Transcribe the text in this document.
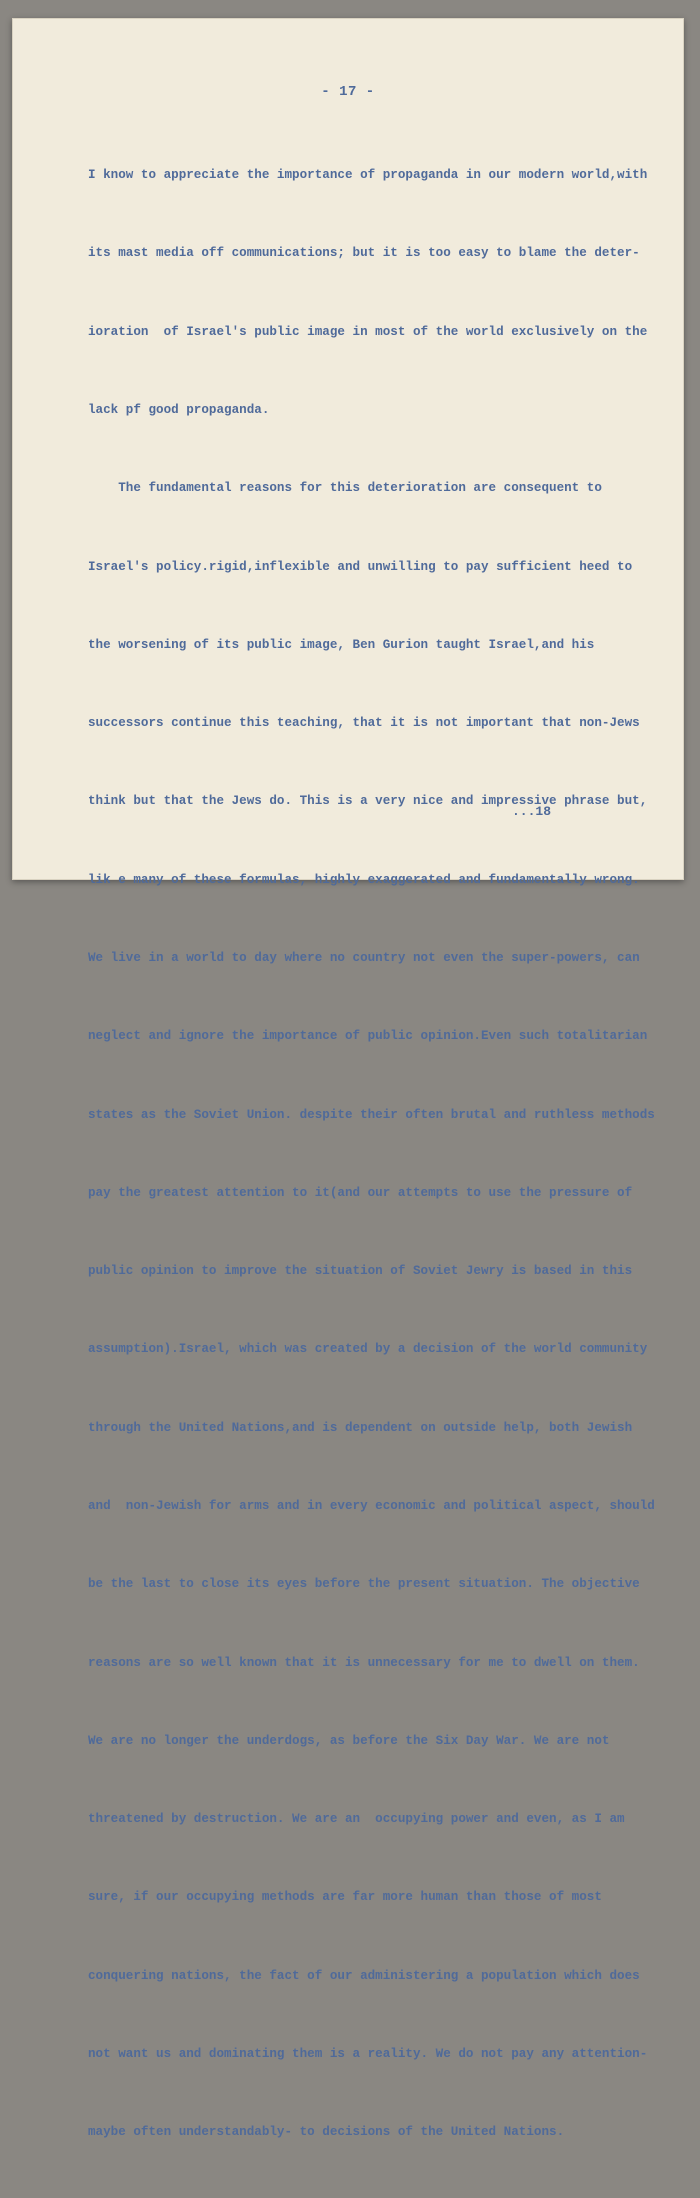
- 17 -

I know to appreciate the importance of propaganda in our modern world,with

its mast media off communications; but it is too easy to blame the deter-

ioration  of Israel's public image in most of the world exclusively on the

lack pf good propaganda.

The fundamental reasons for this deterioration are consequent to

Israel's policy.rigid,inflexible and unwilling to pay sufficient heed to

the worsening of its public image, Ben Gurion taught Israel,and his

successors continue this teaching, that it is not important that non-Jews

think but that the Jews do. This is a very nice and impressive phrase but,

lik e many of these formulas, highly exaggerated and fundamentally wrong.

We live in a world to day where no country not even the super-powers, can

neglect and ignore the importance of public opinion.Even such totalitarian

states as the Soviet Union. despite their often brutal and ruthless methods

pay the greatest attention to it(and our attempts to use the pressure of

public opinion to improve the situation of Soviet Jewry is based in this

assumption).Israel, which was created by a decision of the world community

through the United Nations,and is dependent on outside help, both Jewish

and  non-Jewish for arms and in every economic and political aspect, should

be the last to close its eyes before the present situation. The objective

reasons are so well known that it is unnecessary for me to dwell on them.

We are no longer the underdogs, as before the Six Day War. We are not

threatened by destruction. We are an  occupying power and even, as I am

sure, if our occupying methods are far more human than those of most

conquering nations, the fact of our administering a population which does

not want us and dominating them is a reality. We do not pay any attention-

maybe often understandably- to decisions of the United Nations.

...18
